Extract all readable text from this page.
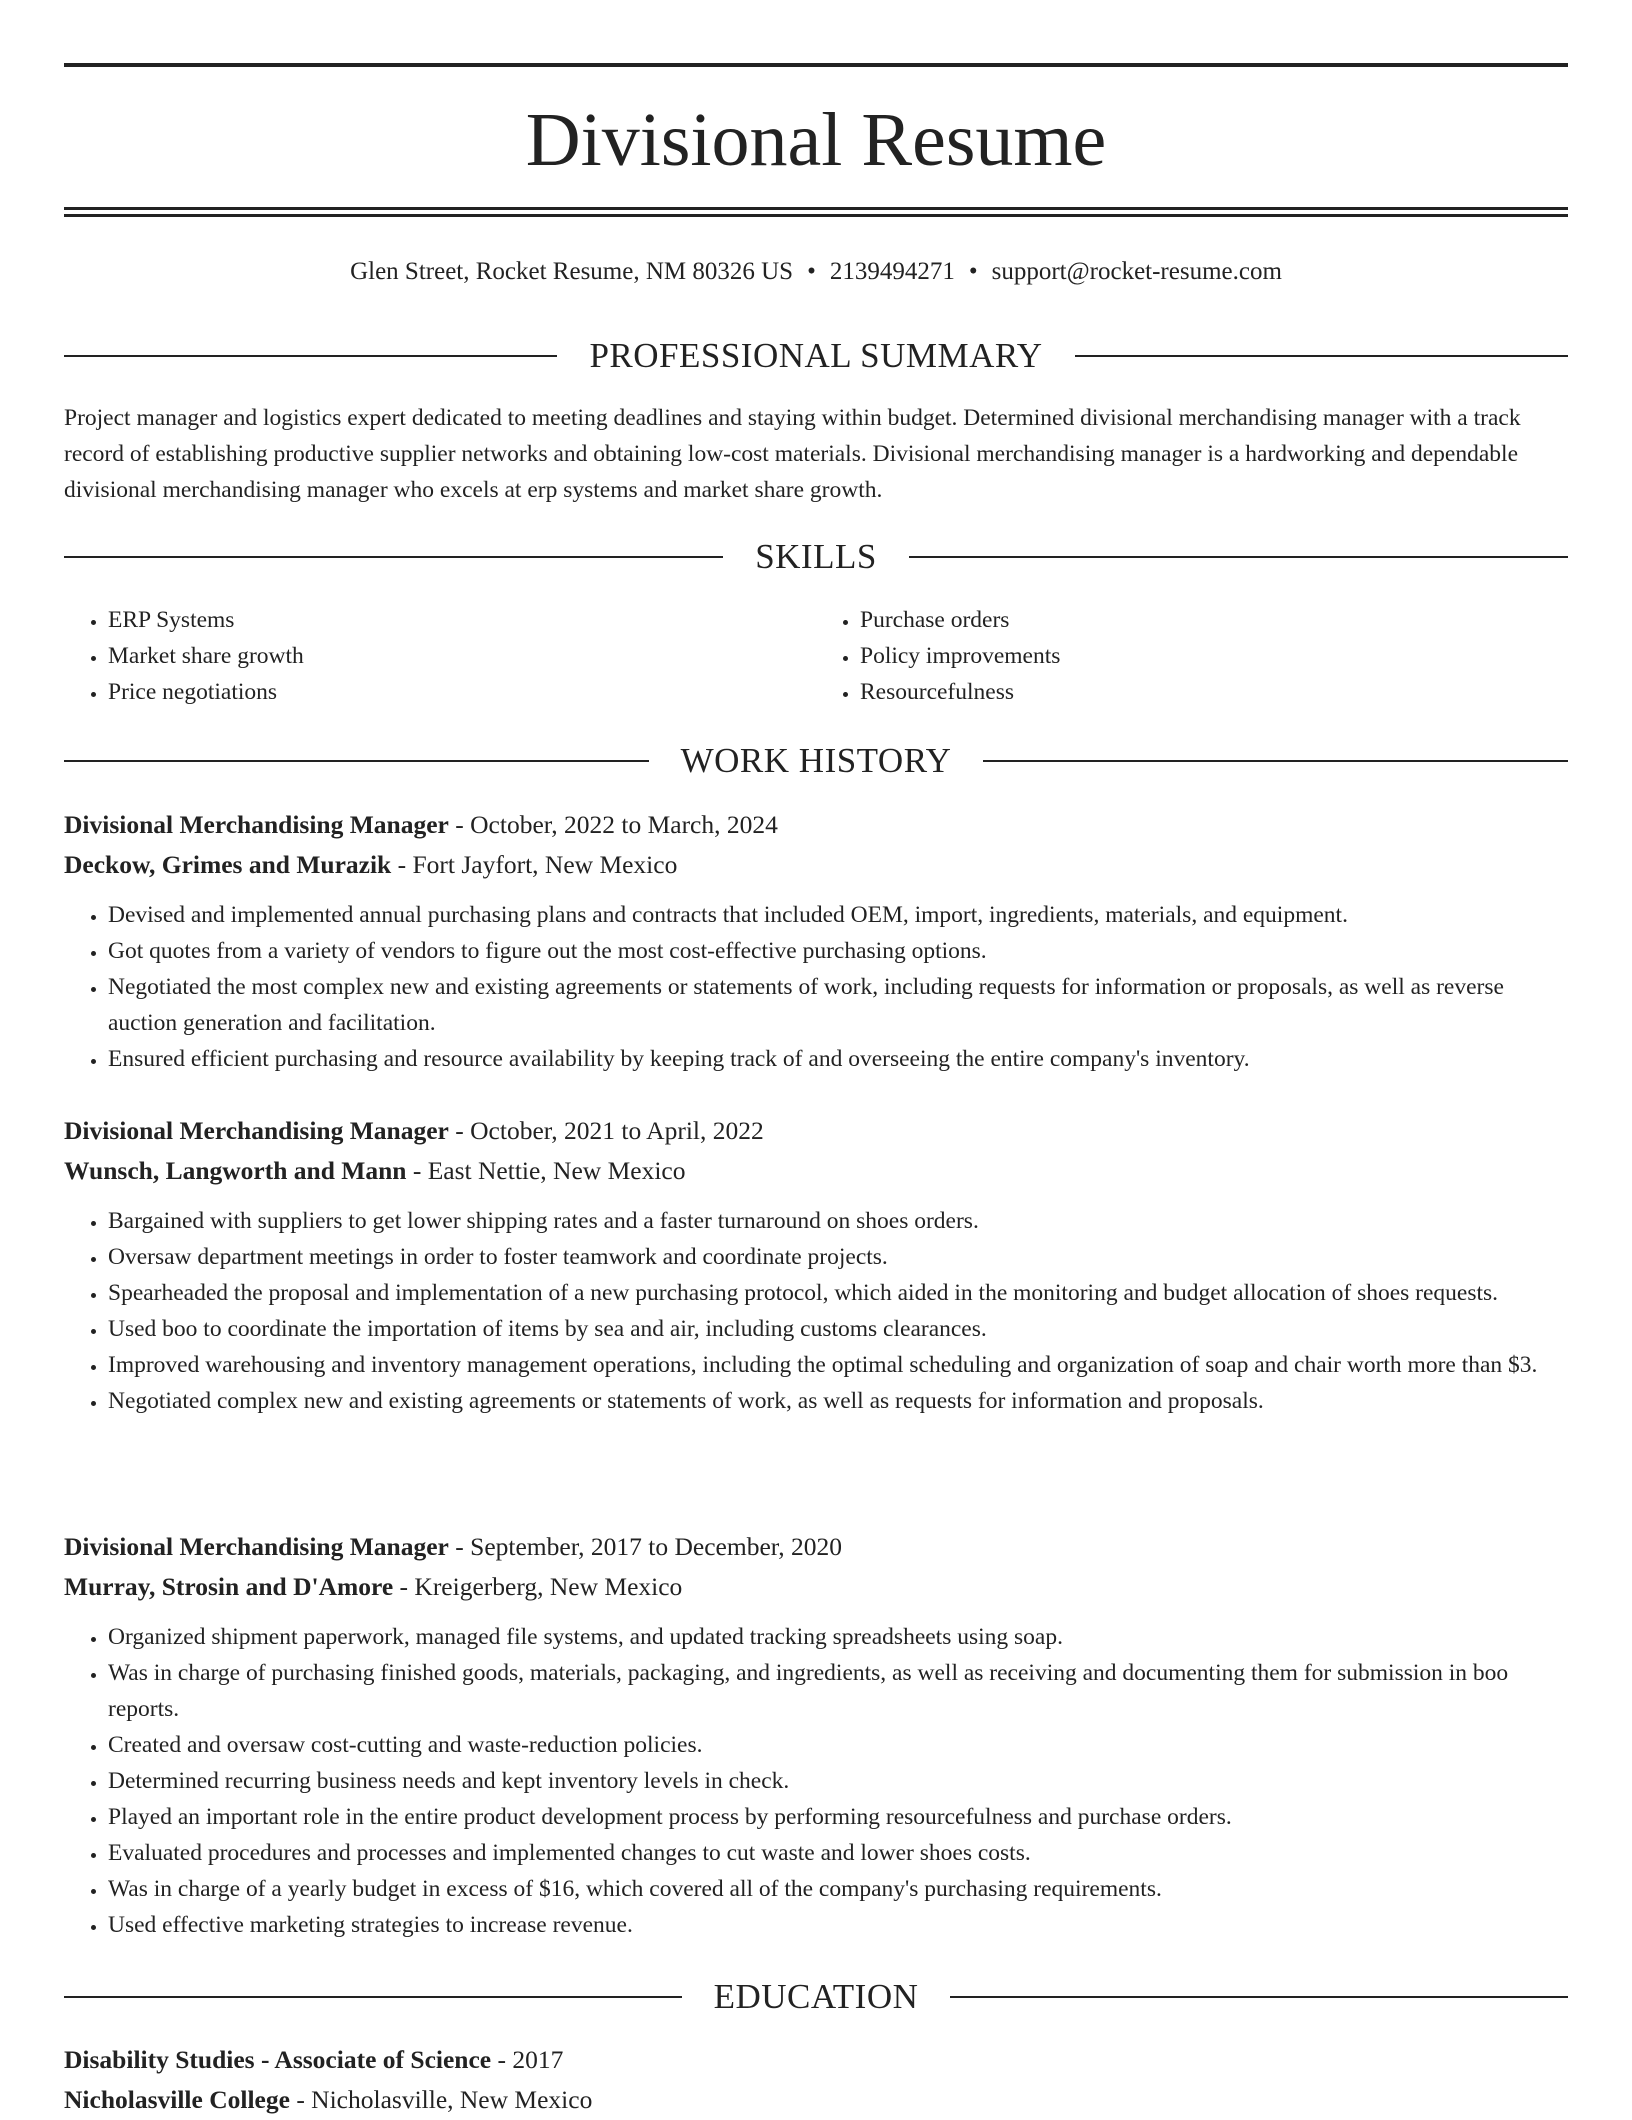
Divisional Resume
Glen Street, Rocket Resume, NM 80326 US • 2139494271 • support@rocket-resume.com
PROFESSIONAL SUMMARY

Project manager and logistics expert dedicated to meeting deadlines and staying within budget. Determined divisional merchandising manager with a track record of establishing productive supplier networks and obtaining low-cost materials. Divisional merchandising manager is a hardworking and dependable divisional merchandising manager who excels at erp systems and market share growth.

SKILLS
• ERP Systems
• Market share growth
• Price negotiations
• Purchase orders
• Policy improvements
• Resourcefulness
WORK HISTORY
Divisional Merchandising Manager - October, 2022 to March, 2024
Deckow, Grimes and Murazik - Fort Jayfort, New Mexico
• Devised and implemented annual purchasing plans and contracts that included OEM, import, ingredients, materials, and equipment.
• Got quotes from a variety of vendors to figure out the most cost-effective purchasing options.
• Negotiated the most complex new and existing agreements or statements of work, including requests for information or proposals, as well as reverse auction generation and facilitation.
• Ensured efficient purchasing and resource availability by keeping track of and overseeing the entire company's inventory.
Divisional Merchandising Manager - October, 2021 to April, 2022
Wunsch, Langworth and Mann - East Nettie, New Mexico
• Bargained with suppliers to get lower shipping rates and a faster turnaround on shoes orders.
• Oversaw department meetings in order to foster teamwork and coordinate projects.
• Spearheaded the proposal and implementation of a new purchasing protocol, which aided in the monitoring and budget allocation of shoes requests.
• Used boo to coordinate the importation of items by sea and air, including customs clearances.
• Improved warehousing and inventory management operations, including the optimal scheduling and organization of soap and chair worth more than $3.
• Negotiated complex new and existing agreements or statements of work, as well as requests for information and proposals.
Divisional Merchandising Manager - September, 2017 to December, 2020
Murray, Strosin and D'Amore - Kreigerberg, New Mexico
• Organized shipment paperwork, managed file systems, and updated tracking spreadsheets using soap.
• Was in charge of purchasing finished goods, materials, packaging, and ingredients, as well as receiving and documenting them for submission in boo reports.
• Created and oversaw cost-cutting and waste-reduction policies.
• Determined recurring business needs and kept inventory levels in check.
• Played an important role in the entire product development process by performing resourcefulness and purchase orders.
• Evaluated procedures and processes and implemented changes to cut waste and lower shoes costs.
• Was in charge of a yearly budget in excess of $16, which covered all of the company's purchasing requirements.
• Used effective marketing strategies to increase revenue.
EDUCATION
Disability Studies - Associate of Science - 2017
Nicholasville College - Nicholasville, New Mexico
